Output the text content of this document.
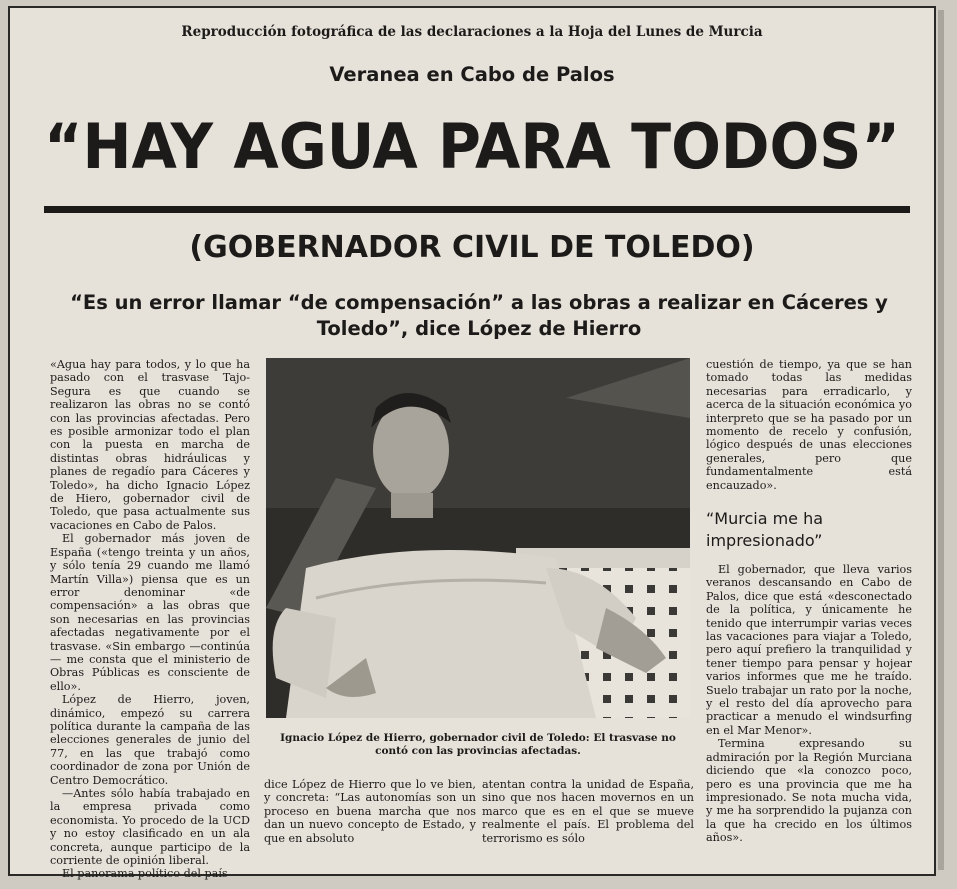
Reproducción fotográfica de las declaraciones a la Hoja del Lunes de Murcia
Veranea en Cabo de Palos
“HAY AGUA PARA TODOS”
(GOBERNADOR CIVIL DE TOLEDO)
“Es un error llamar “de compensación” a las obras a realizar en Cáceres y Toledo”, dice López de Hierro

«Agua hay para todos, y lo que ha pasado con el trasvase Tajo-Segura es que cuando se realizaron las obras no se contó con las provincias afectadas. Pero es posible armonizar todo el plan con la puesta en marcha de distintas obras hidráulicas y planes de regadío para Cáceres y Toledo», ha dicho Ignacio López de Hiero, gobernador civil de Toledo, que pasa actualmente sus vacaciones en Cabo de Palos.

El gobernador más joven de España («tengo treinta y un años, y sólo tenía 29 cuando me llamó Martín Villa») piensa que es un error denominar «de compensación» a las obras que son necesarias en las provincias afectadas negativamente por el trasvase. «Sin embargo —continúa— me consta que el ministerio de Obras Públicas es consciente de ello».

López de Hierro, joven, dinámico, empezó su carrera política durante la campaña de las elecciones generales de junio del 77, en las que trabajó como coordinador de zona por Unión de Centro Democrático.

—Antes sólo había trabajado en la empresa privada como economista. Yo procedo de la UCD y no estoy clasificado en un ala concreta, aunque participo de la corriente de opinión liberal.

El panorama político del país

Ignacio López de Hierro, gobernador civil de Toledo: El trasvase no contó con las provincias afectadas.

dice López de Hierro que lo ve bien, y concreta: “Las autonomías son un proceso en buena marcha que nos dan un nuevo concepto de Estado, y que en absoluto

atentan contra la unidad de España, sino que nos hacen movernos en un marco que es en el que se mueve realmente el país. El problema del terrorismo es sólo

cuestión de tiempo, ya que se han tomado todas las medidas necesarias para erradicarlo, y acerca de la situación económica yo interpreto que se ha pasado por un momento de recelo y confusión, lógico después de unas elecciones generales, pero que fundamentalmente está encauzado».

“Murcia me ha impresionado”

El gobernador, que lleva varios veranos descansando en Cabo de Palos, dice que está «desconectado de la política, y únicamente he tenido que interrumpir varias veces las vacaciones para viajar a Toledo, pero aquí prefiero la tranquilidad y tener tiempo para pensar y hojear varios informes que me he traído. Suelo trabajar un rato por la noche, y el resto del día aprovecho para practicar a menudo el windsurfing en el Mar Menor».

Termina expresando su admiración por la Región Murciana diciendo que «la conozco poco, pero es una provincia que me ha impresionado. Se nota mucha vida, y me ha sorprendido la pujanza con la que ha crecido en los últimos años».
